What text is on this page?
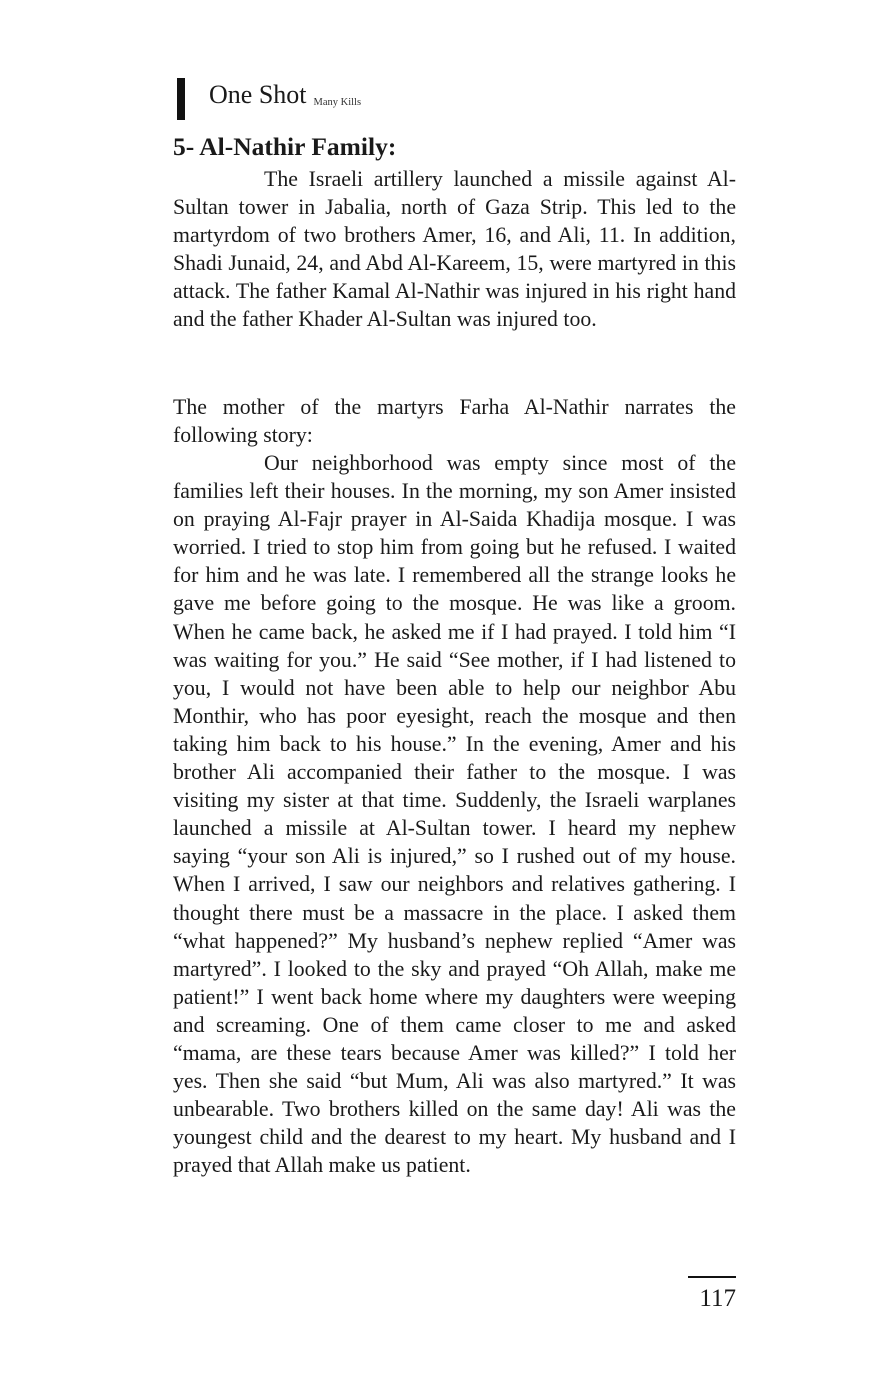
One Shot Many Kills
5- Al-Nathir Family:

The Israeli artillery launched a missile against Al-Sultan tower in Jabalia, north of Gaza Strip. This led to the martyrdom of two brothers Amer, 16, and Ali, 11. In addition, Shadi Junaid, 24, and Abd Al-Kareem, 15, were martyred in this attack. The father Kamal Al-Nathir was injured in his right hand and the father Khader Al-Sultan was injured too.

The mother of the martyrs Farha Al-Nathir narrates the following story:

Our neighborhood was empty since most of the families left their houses. In the morning, my son Amer insisted on praying Al-Fajr prayer in Al-Saida Khadija mosque. I was worried. I tried to stop him from going but he refused. I waited for him and he was late. I remembered all the strange looks he gave me before going to the mosque. He was like a groom. When he came back, he asked me if I had prayed. I told him “I was waiting for you.” He said “See mother, if I had listened to you, I would not have been able to help our neighbor Abu Monthir, who has poor eyesight, reach the mosque and then taking him back to his house.” In the evening, Amer and his brother Ali accompanied their father to the mosque. I was visiting my sister at that time. Suddenly, the Israeli warplanes launched a missile at Al-Sultan tower. I heard my nephew saying “your son Ali is injured,” so I rushed out of my house. When I arrived, I saw our neighbors and relatives gathering. I thought there must be a massacre in the place. I asked them “what happened?” My husband’s nephew replied “Amer was martyred”. I looked to the sky and prayed “Oh Allah, make me patient!” I went back home where my daughters were weeping and screaming. One of them came closer to me and asked “mama, are these tears because Amer was killed?” I told her yes. Then she said “but Mum, Ali was also martyred.” It was unbearable. Two brothers killed on the same day! Ali was the youngest child and the dearest to my heart. My husband and I prayed that Allah make us patient.

117
